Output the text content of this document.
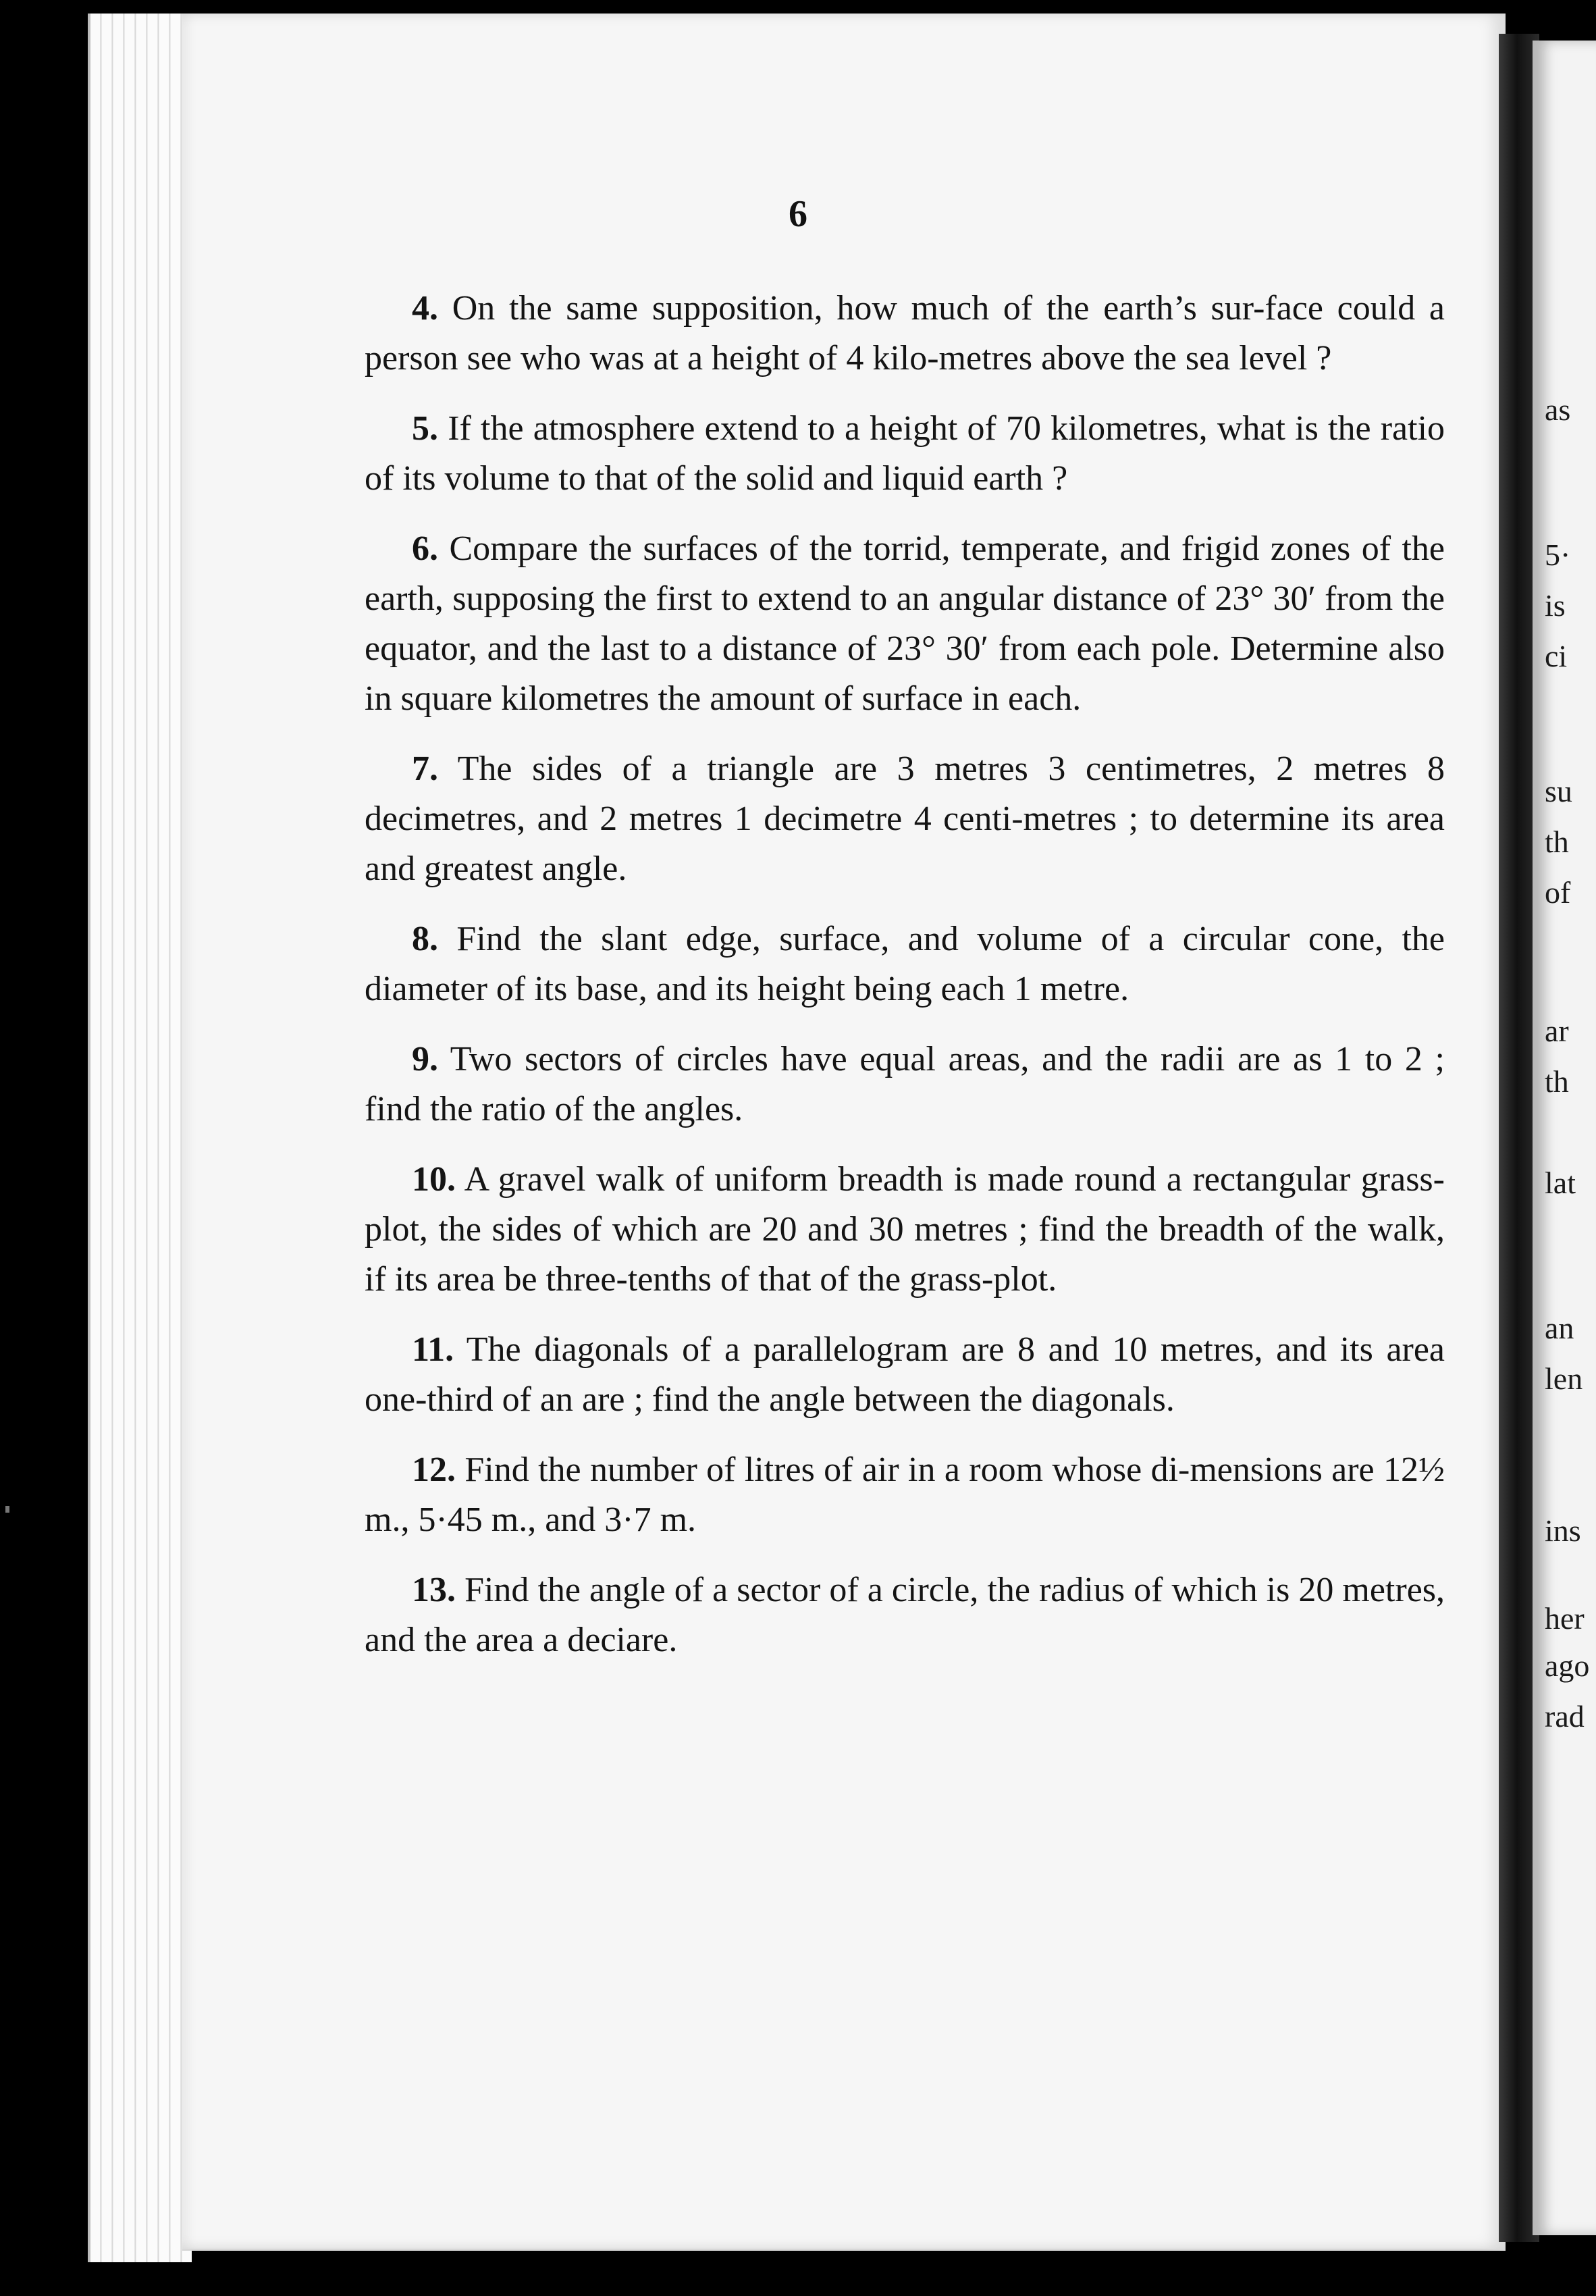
as
5·
is
ci
su
th
of
ar
th
lat
an
len
ins
her
ago
rad
6

4. On the same supposition, how much of the earth’s sur-face could a person see who was at a height of 4 kilo-metres above the sea level ?

5. If the atmosphere extend to a height of 70 kilometres, what is the ratio of its volume to that of the solid and liquid earth ?

6. Compare the surfaces of the torrid, temperate, and frigid zones of the earth, supposing the first to extend to an angular distance of 23° 30′ from the equator, and the last to a distance of 23° 30′ from each pole. Determine also in square kilometres the amount of surface in each.

7. The sides of a triangle are 3 metres 3 centimetres, 2 metres 8 decimetres, and 2 metres 1 decimetre 4 centi-metres ; to determine its area and greatest angle.

8. Find the slant edge, surface, and volume of a circular cone, the diameter of its base, and its height being each 1 metre.

9. Two sectors of circles have equal areas, and the radii are as 1 to 2 ; find the ratio of the angles.

10. A gravel walk of uniform breadth is made round a rectangular grass-plot, the sides of which are 20 and 30 metres ; find the breadth of the walk, if its area be three-tenths of that of the grass-plot.

11. The diagonals of a parallelogram are 8 and 10 metres, and its area one-third of an are ; find the angle between the diagonals.

12. Find the number of litres of air in a room whose di-mensions are 12½ m., 5·45 m., and 3·7 m.

13. Find the angle of a sector of a circle, the radius of which is 20 metres, and the area a deciare.
